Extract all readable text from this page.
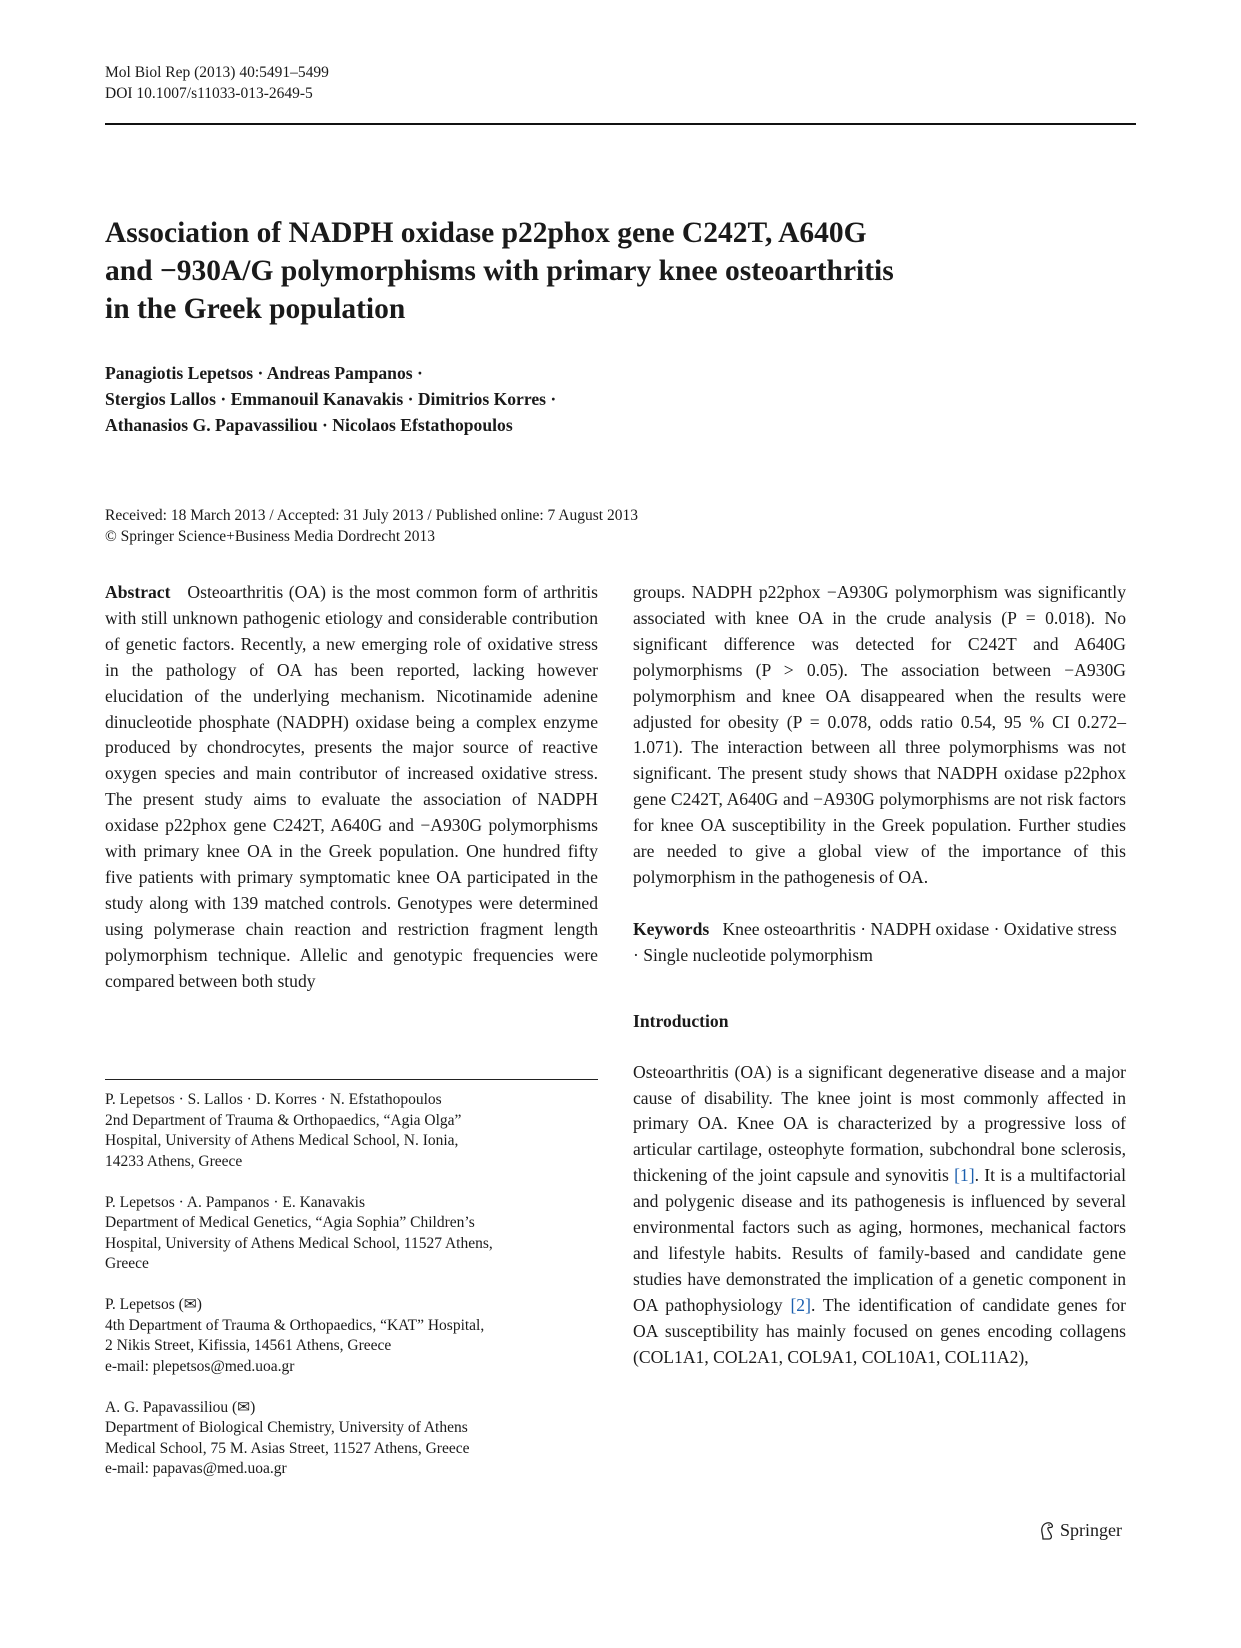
Mol Biol Rep (2013) 40:5491–5499
DOI 10.1007/s11033-013-2649-5
Association of NADPH oxidase p22phox gene C242T, A640G
and −930A/G polymorphisms with primary knee osteoarthritis
in the Greek population
Panagiotis Lepetsos · Andreas Pampanos ·
Stergios Lallos · Emmanouil Kanavakis · Dimitrios Korres ·
Athanasios G. Papavassiliou · Nicolaos Efstathopoulos
Received: 18 March 2013 / Accepted: 31 July 2013 / Published online: 7 August 2013
© Springer Science+Business Media Dordrecht 2013

Abstract Osteoarthritis (OA) is the most common form of arthritis with still unknown pathogenic etiology and considerable contribution of genetic factors. Recently, a new emerging role of oxidative stress in the pathology of OA has been reported, lacking however elucidation of the underlying mechanism. Nicotinamide adenine dinucleotide phosphate (NADPH) oxidase being a complex enzyme produced by chondrocytes, presents the major source of reactive oxygen species and main contributor of increased oxidative stress. The present study aims to evaluate the association of NADPH oxidase p22phox gene C242T, A640G and −A930G polymorphisms with primary knee OA in the Greek population. One hundred fifty five patients with primary symptomatic knee OA participated in the study along with 139 matched controls. Genotypes were determined using polymerase chain reaction and restriction fragment length polymorphism technique. Allelic and genotypic frequencies were compared between both study

P. Lepetsos · S. Lallos · D. Korres · N. Efstathopoulos
2nd Department of Trauma & Orthopaedics, “Agia Olga”
Hospital, University of Athens Medical School, N. Ionia,
14233 Athens, Greece
P. Lepetsos · A. Pampanos · E. Kanavakis
Department of Medical Genetics, “Agia Sophia” Children’s
Hospital, University of Athens Medical School, 11527 Athens,
Greece
P. Lepetsos (✉)
4th Department of Trauma & Orthopaedics, “KAT” Hospital,
2 Nikis Street, Kifissia, 14561 Athens, Greece
e-mail: plepetsos@med.uoa.gr
A. G. Papavassiliou (✉)
Department of Biological Chemistry, University of Athens
Medical School, 75 M. Asias Street, 11527 Athens, Greece
e-mail: papavas@med.uoa.gr

groups. NADPH p22phox −A930G polymorphism was significantly associated with knee OA in the crude analysis (P = 0.018). No significant difference was detected for C242T and A640G polymorphisms (P > 0.05). The association between −A930G polymorphism and knee OA disappeared when the results were adjusted for obesity (P = 0.078, odds ratio 0.54, 95 % CI 0.272–1.071). The interaction between all three polymorphisms was not significant. The present study shows that NADPH oxidase p22phox gene C242T, A640G and −A930G polymorphisms are not risk factors for knee OA susceptibility in the Greek population. Further studies are needed to give a global view of the importance of this polymorphism in the pathogenesis of OA.

Keywords Knee osteoarthritis · NADPH oxidase · Oxidative stress · Single nucleotide polymorphism

Introduction

Osteoarthritis (OA) is a significant degenerative disease and a major cause of disability. The knee joint is most commonly affected in primary OA. Knee OA is characterized by a progressive loss of articular cartilage, osteophyte formation, subchondral bone sclerosis, thickening of the joint capsule and synovitis [1]. It is a multifactorial and polygenic disease and its pathogenesis is influenced by several environmental factors such as aging, hormones, mechanical factors and lifestyle habits. Results of family-based and candidate gene studies have demonstrated the implication of a genetic component in OA pathophysiology [2]. The identification of candidate genes for OA susceptibility has mainly focused on genes encoding collagens (COL1A1, COL2A1, COL9A1, COL10A1, COL11A2),

Springer
